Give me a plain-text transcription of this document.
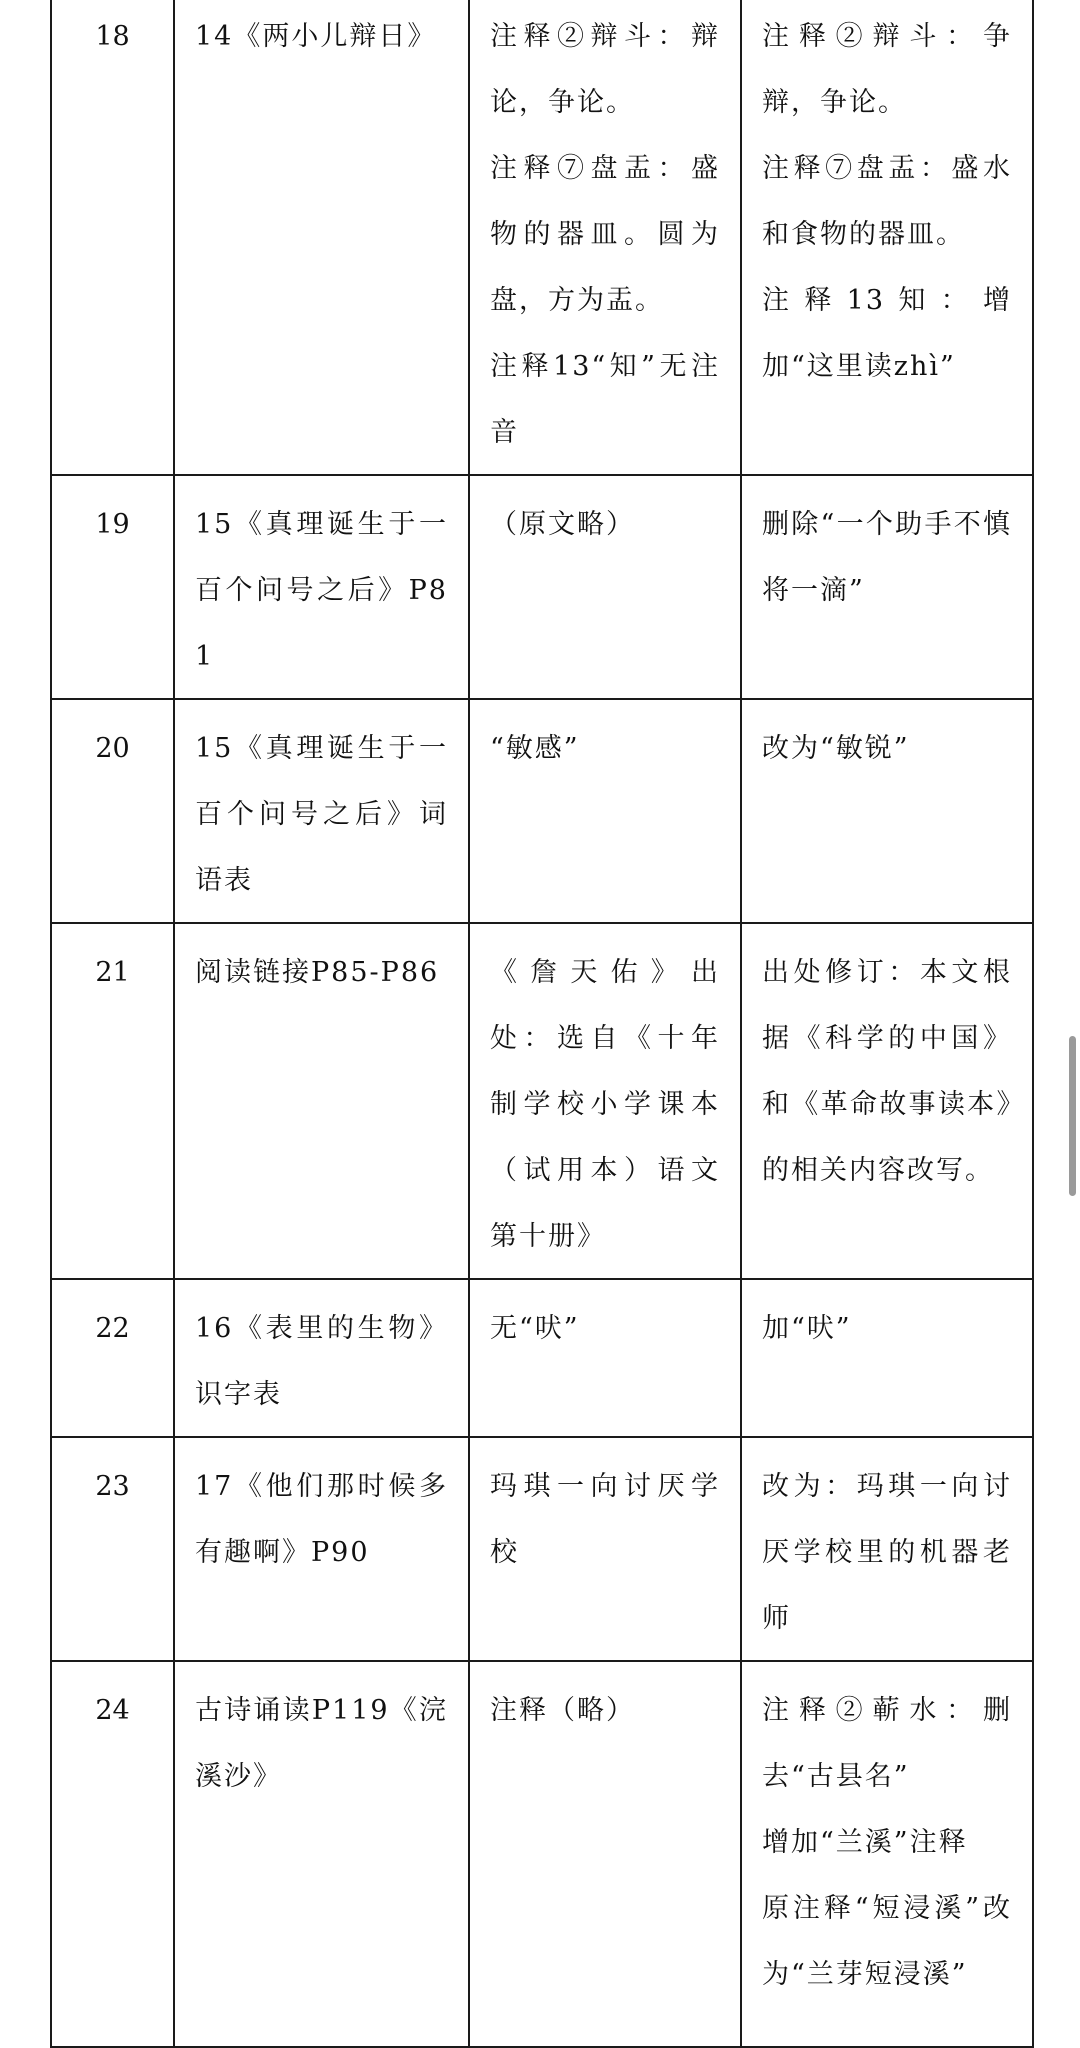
18	14《两小儿辩日》	注释②辩斗：辩论，争论。
注释⑦盘盂：盛物的器皿。圆为盘，方为盂。
注释13“知”无注音	注释②辩斗：争辩，争论。
注释⑦盘盂：盛水和食物的器皿。
注释13知：增加“这里读zhì”

19	15《真理诞生于一百个问号之后》P81	（原文略）	删除“一个助手不慎将一滴”

20	15《真理诞生于一百个问号之后》词语表	“敏感”	改为“敏锐”

21	阅读链接P85-P86	《詹天佑》出处：选自《十年制学校小学课本（试用本）语文第十册》	出处修订：本文根据《科学的中国》和《革命故事读本》的相关内容改写。

22	16《表里的生物》识字表	无“吠”	加“吠”

23	17《他们那时候多有趣啊》P90	玛琪一向讨厌学校	改为：玛琪一向讨厌学校里的机器老师

24	古诗诵读P119《浣溪沙》	注释（略）	注释②蕲水：删去“古县名”
增加“兰溪”注释
原注释“短浸溪”改为“兰芽短浸溪”
